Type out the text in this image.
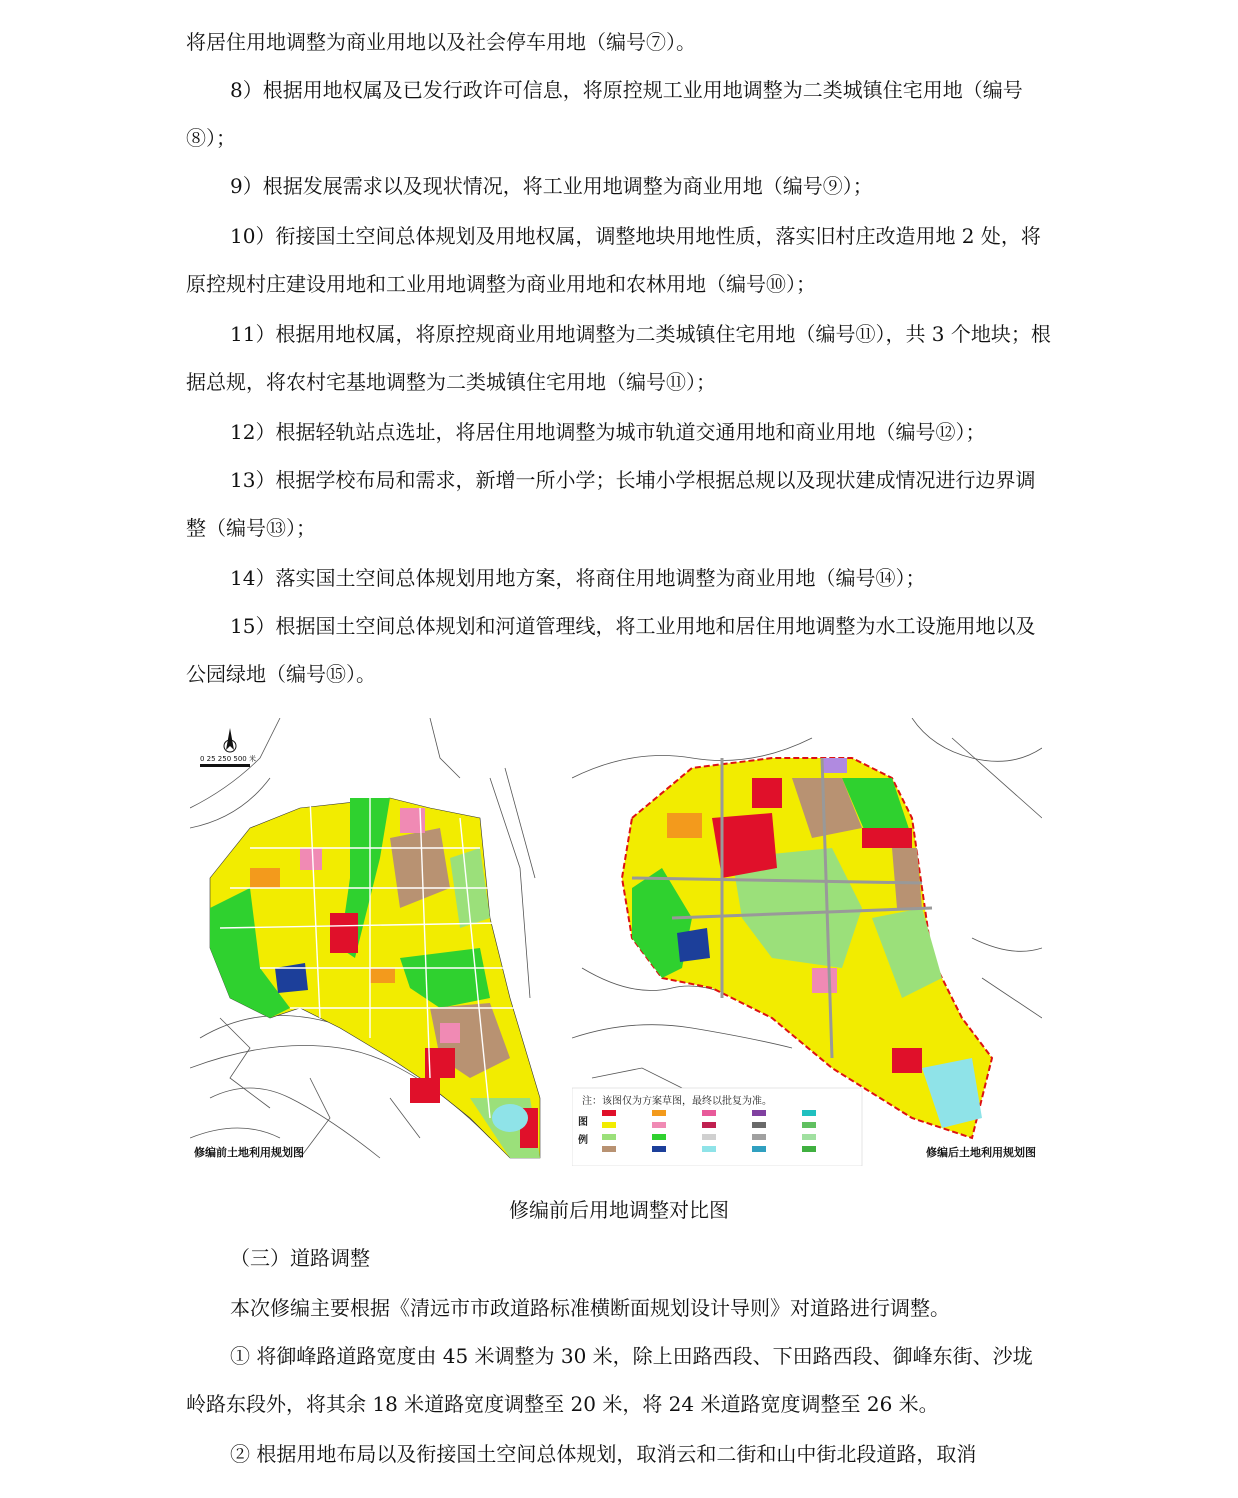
将居住用地调整为商业用地以及社会停车用地（编号⑦）。

8）根据用地权属及已发行政许可信息，将原控规工业用地调整为二类城镇住宅用地（编号⑧）；

9）根据发展需求以及现状情况，将工业用地调整为商业用地（编号⑨）；

10）衔接国土空间总体规划及用地权属，调整地块用地性质，落实旧村庄改造用地 2 处，将原控规村庄建设用地和工业用地调整为商业用地和农林用地（编号⑩）；

11）根据用地权属，将原控规商业用地调整为二类城镇住宅用地（编号⑪），共 3 个地块；根据总规，将农村宅基地调整为二类城镇住宅用地（编号⑪）；

12）根据轻轨站点选址，将居住用地调整为城市轨道交通用地和商业用地（编号⑫）；

13）根据学校布局和需求，新增一所小学；长埔小学根据总规以及现状建成情况进行边界调整（编号⑬）；

14）落实国土空间总体规划用地方案，将商住用地调整为商业用地（编号⑭）；

15）根据国土空间总体规划和河道管理线，将工业用地和居住用地调整为水工设施用地以及公园绿地（编号⑮）。

0 25 250 500 米
修编前土地利用规划图
注：该图仅为方案草图，最终以批复为准。
图例
修编后土地利用规划图
修编前后用地调整对比图

（三）道路调整

本次修编主要根据《清远市市政道路标准横断面规划设计导则》对道路进行调整。

① 将御峰路道路宽度由 45 米调整为 30 米，除上田路西段、下田路西段、御峰东街、沙垅岭路东段外，将其余 18 米道路宽度调整至 20 米，将 24 米道路宽度调整至 26 米。

② 根据用地布局以及衔接国土空间总体规划，取消云和二街和山中街北段道路，取消
